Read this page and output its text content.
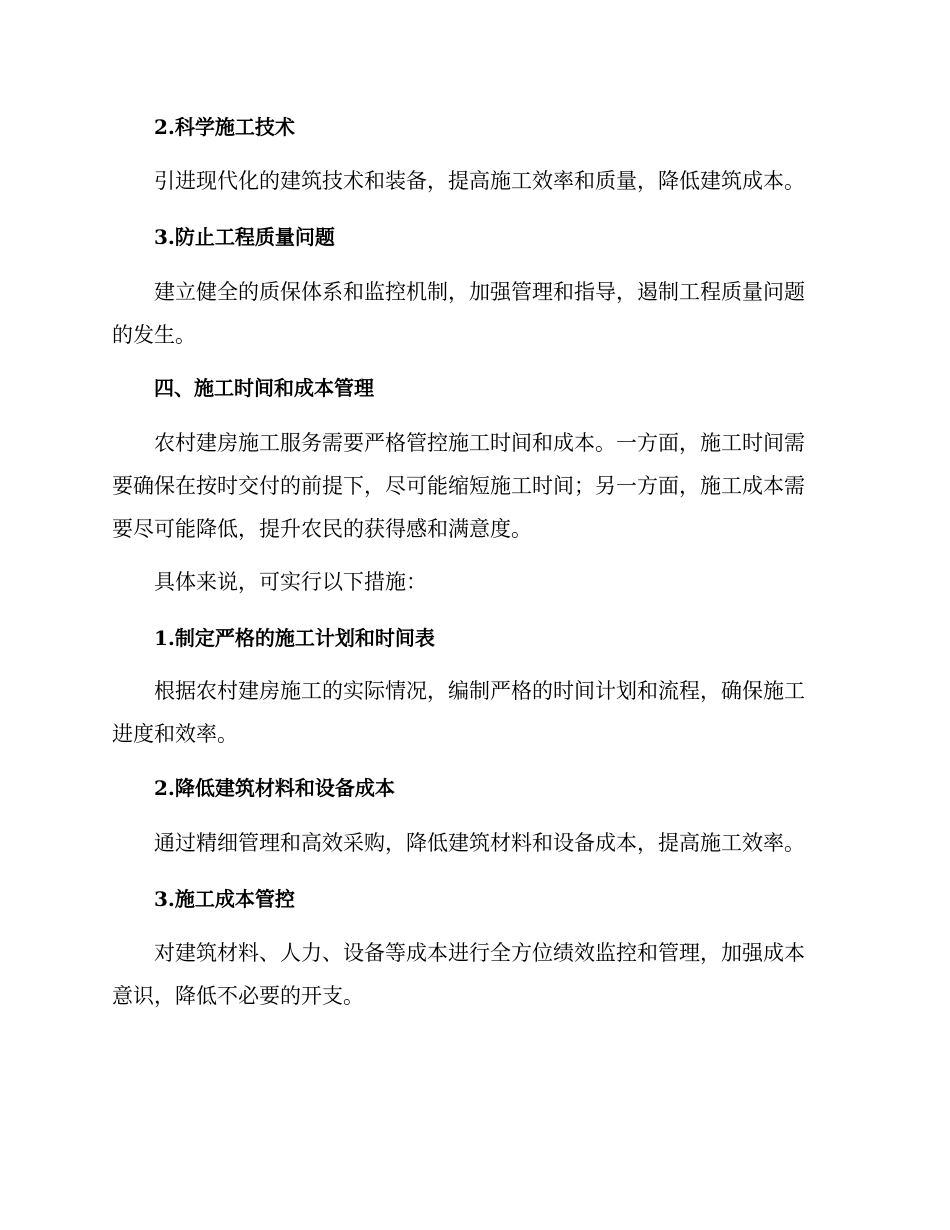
2.科学施工技术

引进现代化的建筑技术和装备，提高施工效率和质量，降低建筑成本。

3.防止工程质量问题

建立健全的质保体系和监控机制，加强管理和指导，遏制工程质量问题
的发生。

四、施工时间和成本管理

农村建房施工服务需要严格管控施工时间和成本。一方面，施工时间需
要确保在按时交付的前提下，尽可能缩短施工时间；另一方面，施工成本需
要尽可能降低，提升农民的获得感和满意度。

具体来说，可实行以下措施：

1.制定严格的施工计划和时间表

根据农村建房施工的实际情况，编制严格的时间计划和流程，确保施工
进度和效率。

2.降低建筑材料和设备成本

通过精细管理和高效采购，降低建筑材料和设备成本，提高施工效率。

3.施工成本管控

对建筑材料、人力、设备等成本进行全方位绩效监控和管理，加强成本
意识，降低不必要的开支。
